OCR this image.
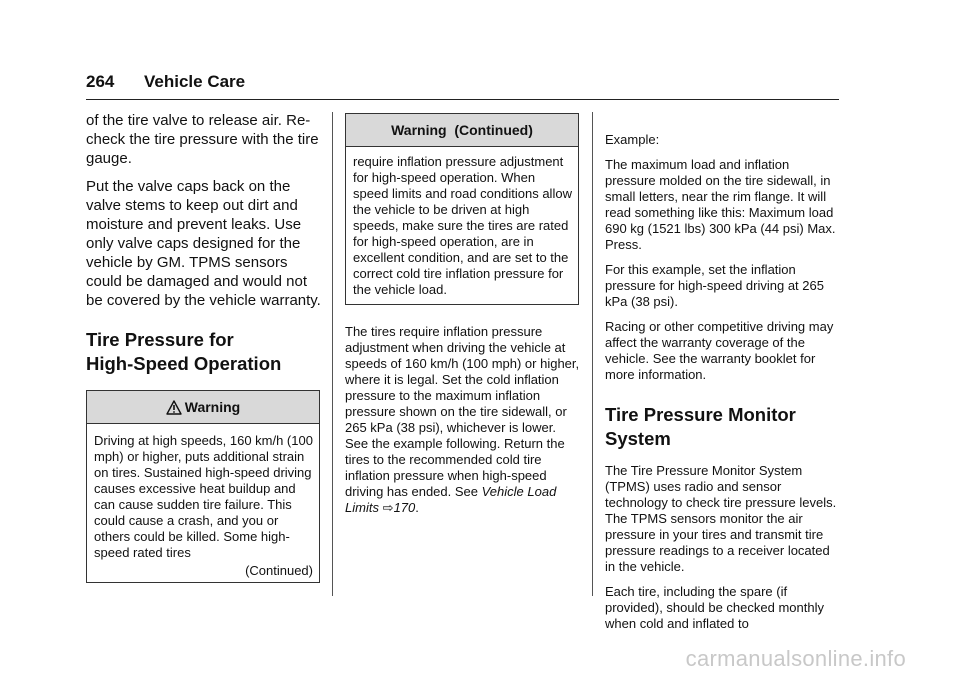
264 Vehicle Care

of the tire valve to release air. Re-check the tire pressure with the tire gauge.

Put the valve caps back on the valve stems to keep out dirt and moisture and prevent leaks. Use only valve caps designed for the vehicle by GM. TPMS sensors could be damaged and would not be covered by the vehicle warranty.

Tire Pressure for
High-Speed Operation
Warning
Driving at high speeds, 160 km/h (100 mph) or higher, puts additional strain on tires. Sustained high-speed driving causes excessive heat buildup and can cause sudden tire failure. This could cause a crash, and you or others could be killed. Some high-speed rated tires
(Continued)
Warning  (Continued)
require inflation pressure adjustment for high-speed operation. When speed limits and road conditions allow the vehicle to be driven at high speeds, make sure the tires are rated for high-speed operation, are in excellent condition, and are set to the correct cold tire inflation pressure for the vehicle load.

The tires require inflation pressure adjustment when driving the vehicle at speeds of 160 km/h (100 mph) or higher, where it is legal. Set the cold inflation pressure to the maximum inflation pressure shown on the tire sidewall, or 265 kPa (38 psi), whichever is lower. See the example following. Return the tires to the recommended cold tire inflation pressure when high-speed driving has ended. See Vehicle Load Limits ⇨170.

Example:

The maximum load and inflation pressure molded on the tire sidewall, in small letters, near the rim flange. It will read something like this: Maximum load 690 kg (1521 lbs) 300 kPa (44 psi) Max. Press.

For this example, set the inflation pressure for high-speed driving at 265 kPa (38 psi).

Racing or other competitive driving may affect the warranty coverage of the vehicle. See the warranty booklet for more information.

Tire Pressure Monitor
System

The Tire Pressure Monitor System (TPMS) uses radio and sensor technology to check tire pressure levels. The TPMS sensors monitor the air pressure in your tires and transmit tire pressure readings to a receiver located in the vehicle.

Each tire, including the spare (if provided), should be checked monthly when cold and inflated to

carmanualsonline.info
